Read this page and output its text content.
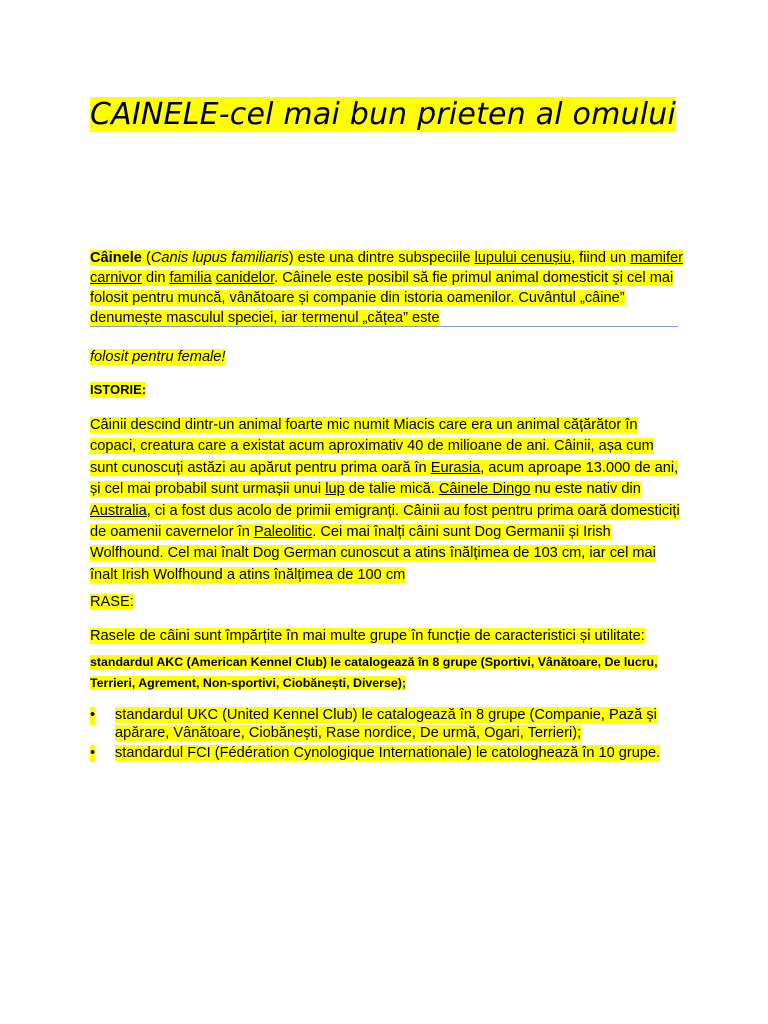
CAINELE-cel mai bun prieten al omului
Câinele (Canis lupus familiaris) este una dintre subspeciile lupului cenușiu, fiind un mamifer carnivor din familia canidelor. Câinele este posibil să fie primul animal domesticit și cel mai folosit pentru muncă, vânătoare și companie din istoria oamenilor. Cuvântul „câine” denumește masculul speciei, iar termenul „cățea” este
folosit pentru female!
ISTORIE:
Câinii descind dintr-un animal foarte mic numit Miacis care era un animal cățărător în copaci, creatura care a existat acum aproximativ 40 de milioane de ani. Câinii, așa cum sunt cunoscuți astăzi au apărut pentru prima oară în Eurasia, acum aproape 13.000 de ani, și cel mai probabil sunt urmașii unui lup de talie mică. Câinele Dingo nu este nativ din Australia, ci a fost dus acolo de primii emigranți. Câinii au fost pentru prima oară domesticiți de oamenii cavernelor în Paleolitic. Cei mai înalți câini sunt Dog Germanii și Irish Wolfhound. Cel mai înalt Dog German cunoscut a atins înălțimea de 103 cm, iar cel mai înalt Irish Wolfhound a atins înălțimea de 100 cm
RASE:
Rasele de câini sunt împărțite în mai multe grupe în funcție de caracteristici și utilitate:
standardul AKC (American Kennel Club) le catalogează în 8 grupe (Sportivi, Vânătoare, De lucru, Terrieri, Agrement, Non-sportivi, Ciobănești, Diverse);
• standardul UKC (United Kennel Club) le catalogează în 8 grupe (Companie, Pază și apărare, Vânătoare, Ciobănești, Rase nordice, De urmă, Ogari, Terrieri);
• standardul FCI (Fédération Cynologique Internationale) le catologhează în 10 grupe.
